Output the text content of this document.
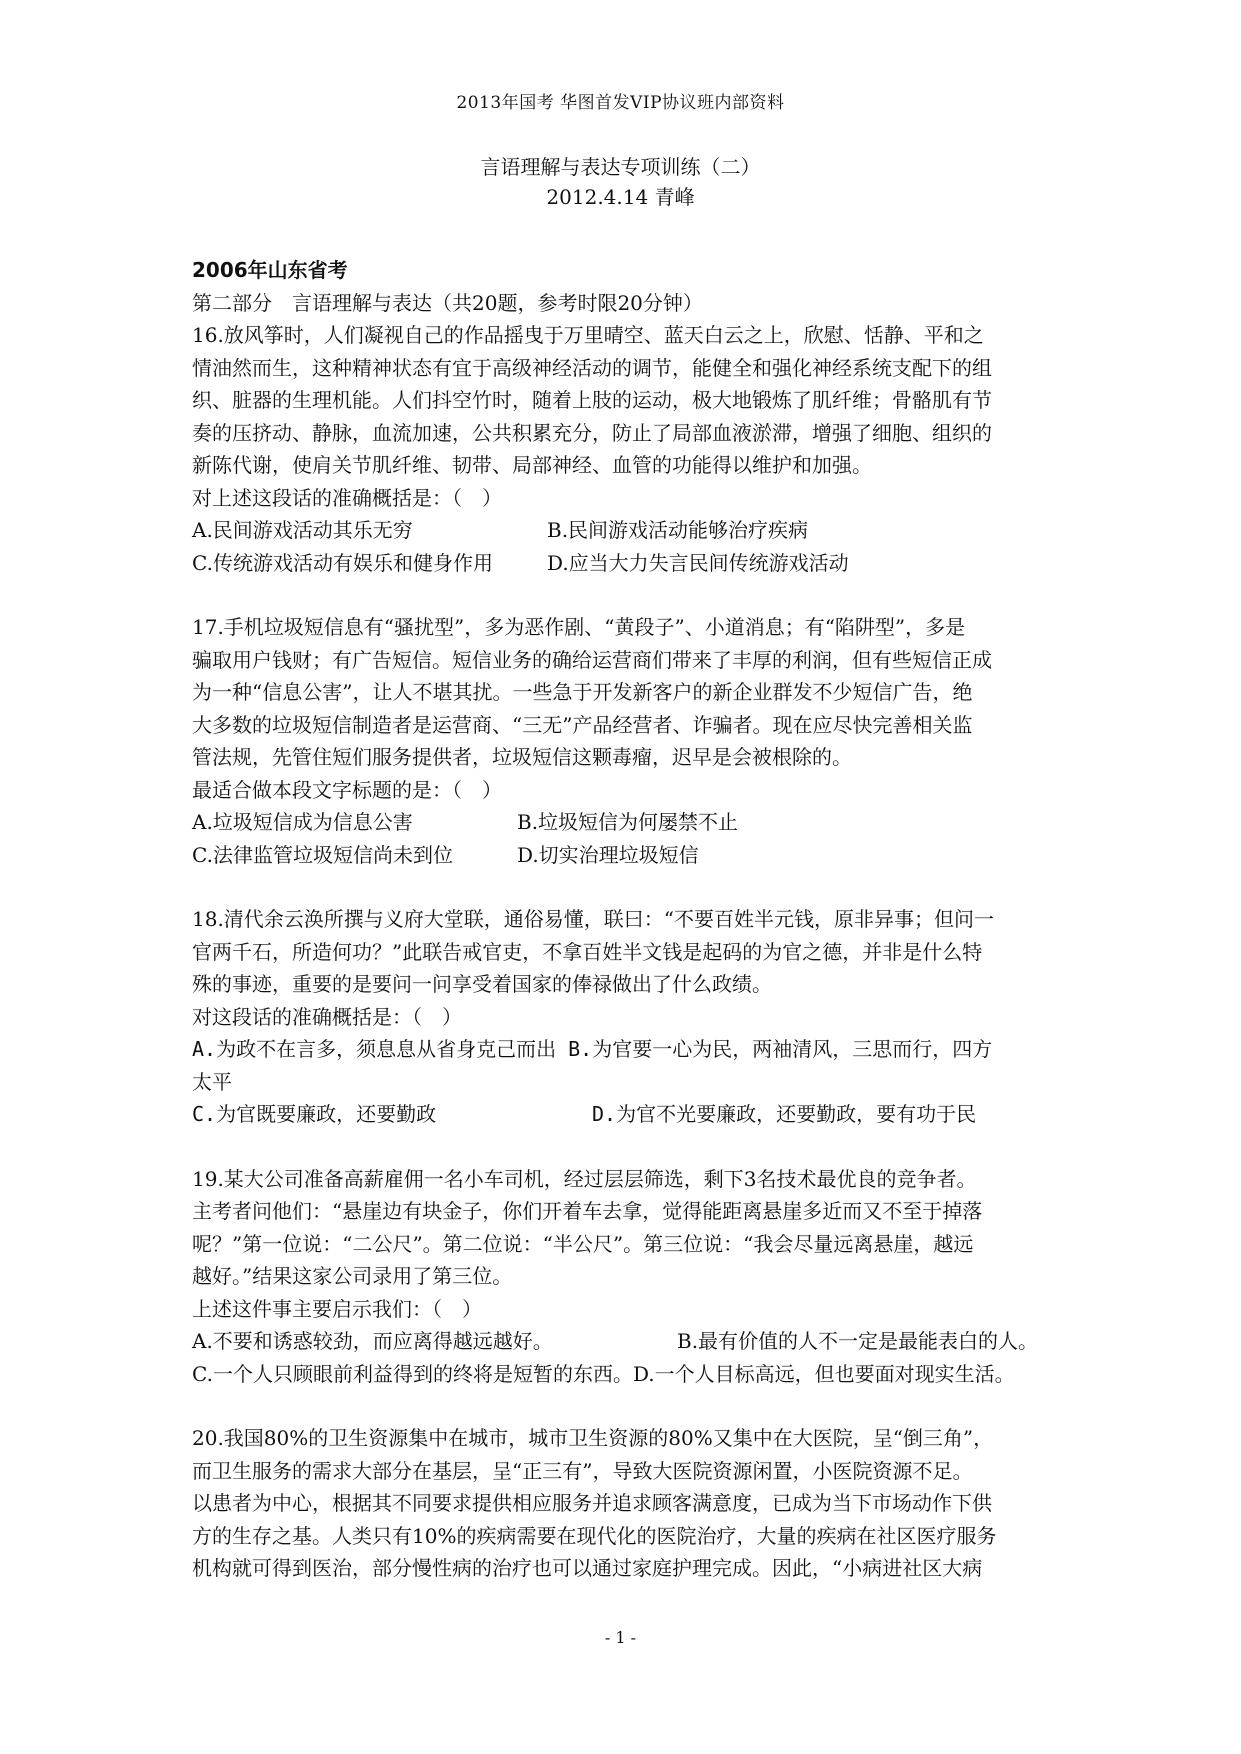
2013年国考 华图首发VIP协议班内部资料
言语理解与表达专项训练（二）
2012.4.14 青峰
2006年山东省考
第二部分　言语理解与表达（共20题，参考时限20分钟）
16.放风筝时，人们凝视自己的作品摇曳于万里晴空、蓝天白云之上，欣慰、恬静、平和之
情油然而生，这种精神状态有宜于高级神经活动的调节，能健全和强化神经系统支配下的组
织、脏器的生理机能。人们抖空竹时，随着上肢的运动，极大地锻炼了肌纤维；骨骼肌有节
奏的压挤动、静脉，血流加速，公共积累充分，防止了局部血液淤滞，增强了细胞、组织的
新陈代谢，使肩关节肌纤维、韧带、局部神经、血管的功能得以维护和加强。
对上述这段话的准确概括是：（　）
A.民间游戏活动其乐无穷	B.民间游戏活动能够治疗疾病
C.传统游戏活动有娱乐和健身作用	D.应当大力失言民间传统游戏活动
17.手机垃圾短信息有“骚扰型”，多为恶作剧、“黄段子”、小道消息；有“陷阱型”，多是
骗取用户钱财；有广告短信。短信业务的确给运营商们带来了丰厚的利润，但有些短信正成
为一种“信息公害”，让人不堪其扰。一些急于开发新客户的新企业群发不少短信广告，绝
大多数的垃圾短信制造者是运营商、“三无”产品经营者、诈骗者。现在应尽快完善相关监
管法规，先管住短们服务提供者，垃圾短信这颗毒瘤，迟早是会被根除的。
最适合做本段文字标题的是：（　）
A.垃圾短信成为信息公害	B.垃圾短信为何屡禁不止
C.法律监管垃圾短信尚未到位	D.切实治理垃圾短信
18.清代余云涣所撰与义府大堂联，通俗易懂，联曰：“不要百姓半元钱，原非异事；但问一
官两千石，所造何功？”此联告戒官吏，不拿百姓半文钱是起码的为官之德，并非是什么特
殊的事迹，重要的是要问一问享受着国家的俸禄做出了什么政绩。
对这段话的准确概括是：（　）
A.为政不在言多，须息息从省身克己而出 B.为官要一心为民，两袖清风，三思而行，四方
太平
C.为官既要廉政，还要勤政	D.为官不光要廉政，还要勤政，要有功于民
19.某大公司准备高薪雇佣一名小车司机，经过层层筛选，剩下3名技术最优良的竞争者。
主考者问他们：“悬崖边有块金子，你们开着车去拿，觉得能距离悬崖多近而又不至于掉落
呢？”第一位说：“二公尺”。第二位说：“半公尺”。第三位说：“我会尽量远离悬崖，越远
越好。”结果这家公司录用了第三位。
上述这件事主要启示我们：（　）
A.不要和诱惑较劲，而应离得越远越好。	B.最有价值的人不一定是最能表白的人。
C.一个人只顾眼前利益得到的终将是短暂的东西。D.一个人目标高远，但也要面对现实生活。
20.我国80%的卫生资源集中在城市，城市卫生资源的80%又集中在大医院，呈“倒三角”，
而卫生服务的需求大部分在基层，呈“正三有”，导致大医院资源闲置，小医院资源不足。
以患者为中心，根据其不同要求提供相应服务并追求顾客满意度，已成为当下市场动作下供
方的生存之基。人类只有10%的疾病需要在现代化的医院治疗，大量的疾病在社区医疗服务
机构就可得到医治，部分慢性病的治疗也可以通过家庭护理完成。因此，“小病进社区大病
- 1 -
